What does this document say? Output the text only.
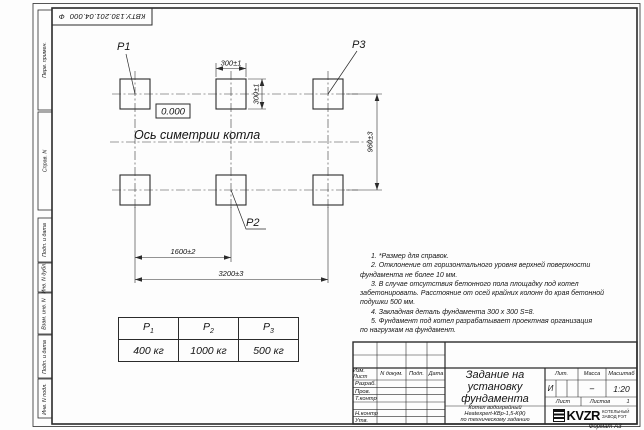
P1	P3
P2
300±1
300±1
960±3
1600±2
3200±3
0.000
Ось симетрии котла
КВТУ.130.201.04.000
Ф
Перв. примен.
Справ. N
Подп. и дата
Инв. N дубл.
Взам. инв. N
Подп. и дата
Инв. N подл.
1. *Размер для справок.
2. Отклонение от горизонтального уровня верхней поверхности
фундамента не более 10 мм.
3. В случае отсутствия бетонного пола площадку под котел
забетонировать. Расстояние от осей крайних колонн до края бетонной
подушки 500 мм.
4. Закладная деталь фундамента 300 х 300 S=8.
5. Фундамент под котел разрабатывает проектная организация
по нагрузкам на фундамент.
$P_1$	$P_2$	$P_3$
400 кг	1000 кг	500 кг
Изм. Лист	N докум.	Подп. Дата
Разраб.
Пров.
Т.контр
Н.контр
Утв.
Задание на
установку
фундамента
Котел водогрейный
Heatexpert-КВр-1,5-К(К)
по техническому заданию
Лит.	Масса	Масштаб
И	–	1:20
Лист	Листов	1
KVZR КОТЕЛЬНЫЙ
ЗАВОД РЭТ
Формат А3
